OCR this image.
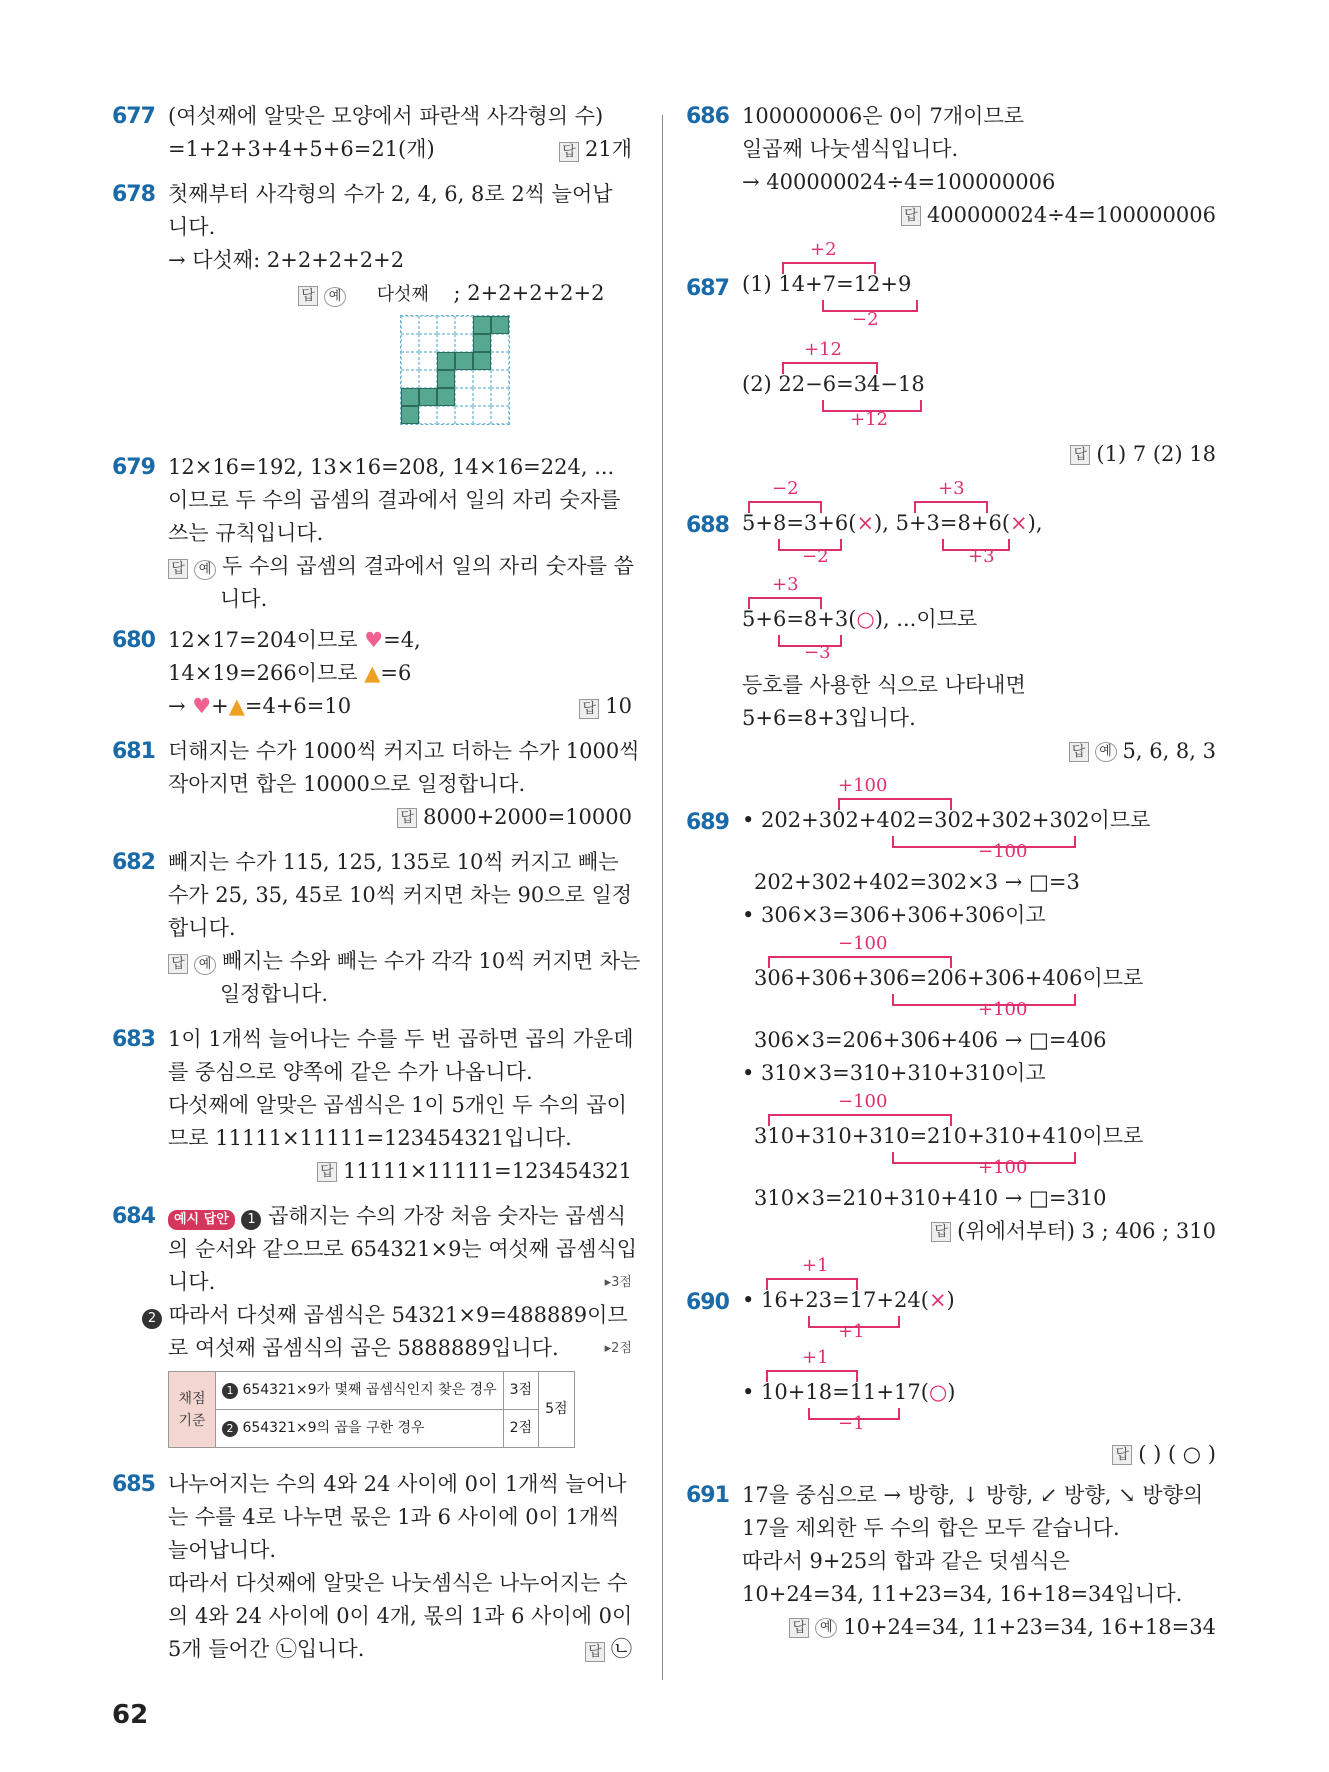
677 (여섯째에 알맞은 모양에서 파란색 사각형의 수)
=1+2+3+4+5+6=21(개)	답 21개
678 첫째부터 사각형의 수가 2, 4, 6, 8로 2씩 늘어납
니다.
→ 다섯째: 2+2+2+2+2
답 예 다섯째 ; 2+2+2+2+2
679 12×16=192, 13×16=208, 14×16=224, ...
이므로 두 수의 곱셈의 결과에서 일의 자리 숫자를
쓰는 규칙입니다.
답 예 두 수의 곱셈의 결과에서 일의 자리 숫자를 씁
니다.
680 12×17=204이므로 ♥=4,
14×19=266이므로 ▲=6
→ ♥+▲=4+6=10	답 10
681 더해지는 수가 1000씩 커지고 더하는 수가 1000씩
작아지면 합은 10000으로 일정합니다.
답 8000+2000=10000
682 빼지는 수가 115, 125, 135로 10씩 커지고 빼는
수가 25, 35, 45로 10씩 커지면 차는 90으로 일정
합니다.
답 예 빼지는 수와 빼는 수가 각각 10씩 커지면 차는
일정합니다.
683 1이 1개씩 늘어나는 수를 두 번 곱하면 곱의 가운데
를 중심으로 양쪽에 같은 수가 나옵니다.
다섯째에 알맞은 곱셈식은 1이 5개인 두 수의 곱이
므로 11111×11111=123454321입니다.
답 11111×11111=123454321
684	예시 답안 1 곱해지는 수의 가장 처음 숫자는 곱셈식
의 순서와 같으므로 654321×9는 여섯째 곱셈식입
니다.	▸3점
2 따라서 다섯째 곱셈식은 54321×9=488889이므
로 여섯째 곱셈식의 곱은 5888889입니다.	▸2점
채점 기준	1 654321×9가 몇째 곱셈식인지 찾은 경우	3점	5점
	2 654321×9의 곱을 구한 경우	2점	
685 나누어지는 수의 4와 24 사이에 0이 1개씩 늘어나
는 수를 4로 나누면 몫은 1과 6 사이에 0이 1개씩
늘어납니다.
따라서 다섯째에 알맞은 나눗셈식은 나누어지는 수
의 4와 24 사이에 0이 4개, 몫의 1과 6 사이에 0이
5개 들어간 ㉡입니다.	답 ㉡
686 100000006은 0이 7개이므로
일곱째 나눗셈식입니다.
→ 400000024÷4=100000006
답 400000024÷4=100000006
687
+2
(1) 14+7=12+9
−2
+12
(2) 22−6=34−18
+12
답 (1) 7 (2) 18
688
−2	+3
5+8=3+6(×), 5+3=8+6(×),
−2	+3
+3
5+6=8+3(○), ...이므로
−3
등호를 사용한 식으로 나타내면
5+6=8+3입니다.
답	예 5, 6, 8, 3
689
+100
• 202+302+402=302+302+302이므로
−100
202+302+402=302×3 → □=3
• 306×3=306+306+306이고
−100
306+306+306=206+306+406이므로
+100
306×3=206+306+406 → □=406
• 310×3=310+310+310이고
−100
310+310+310=210+310+410이므로
+100
310×3=210+310+410 → □=310
답 (위에서부터) 3 ; 406 ; 310
690
+1
• 16+23=17+24(×)
+1
+1
• 10+18=11+17(○)
−1
답 ( ) ( ○ )
691 17을 중심으로 → 방향, ↓ 방향, ↙ 방향, ↘ 방향의
17을 제외한 두 수의 합은 모두 같습니다.
따라서 9+25의 합과 같은 덧셈식은
10+24=34, 11+23=34, 16+18=34입니다.
답	예 10+24=34, 11+23=34, 16+18=34
62
